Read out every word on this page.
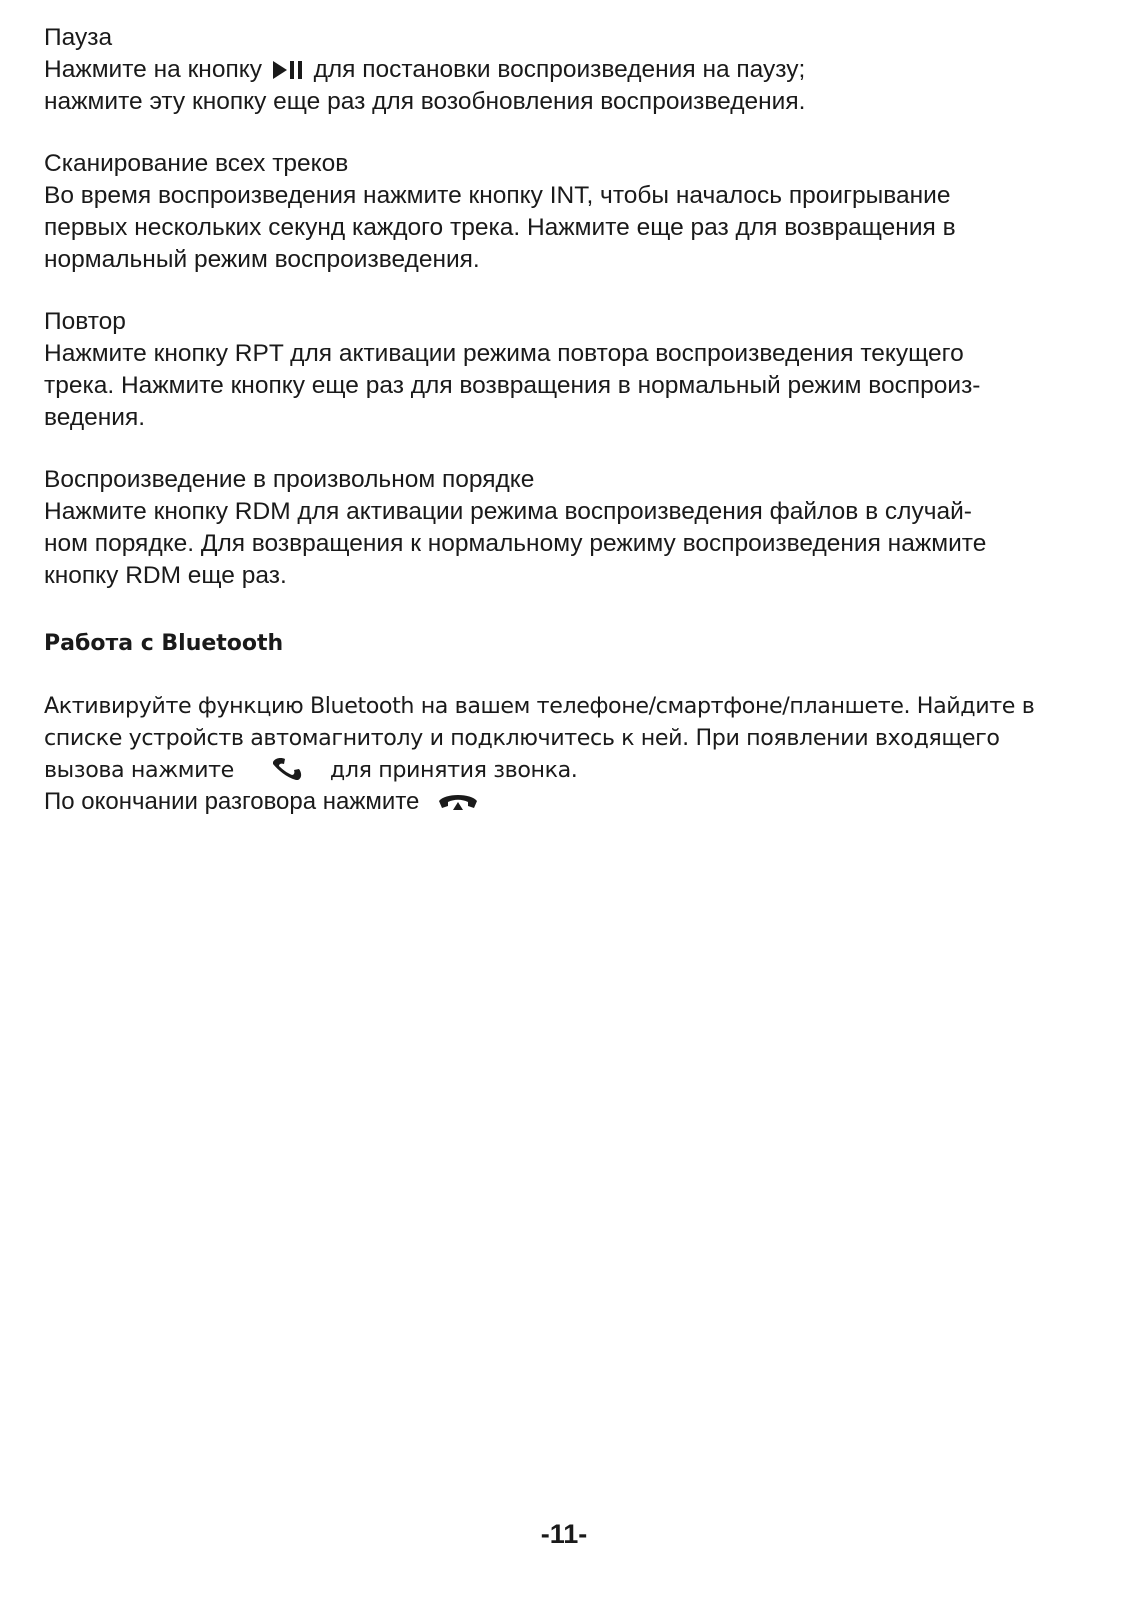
Пауза
Нажмите на кнопку
для постановки воспроизведения на паузу;
нажмите эту кнопку еще раз для возобновления воспроизведения.
Сканирование всех треков
Во время воспроизведения нажмите кнопку INT, чтобы началось проигрывание
первых нескольких секунд каждого трека. Нажмите еще раз для возвращения в
нормальный режим воспроизведения.
Повтор
Нажмите кнопку RPT для активации режима повтора воспроизведения текущего
трека. Нажмите кнопку еще раз для возвращения в нормальный режим воспроиз-
ведения.
Воспроизведение в произвольном порядке
Нажмите кнопку RDM для активации режима воспроизведения файлов в случай-
ном порядке. Для возвращения к нормальному режиму воспроизведения нажмите
кнопку RDM еще раз.
Работа с Bluetooth
Активируйте функцию Bluetooth на вашем телефоне/смартфоне/планшете. Найдите в
списке устройств автомагнитолу и подключитесь к ней. При появлении входящего
вызова нажмите	для принятия звонка.
По окончании разговора нажмите
-11-
